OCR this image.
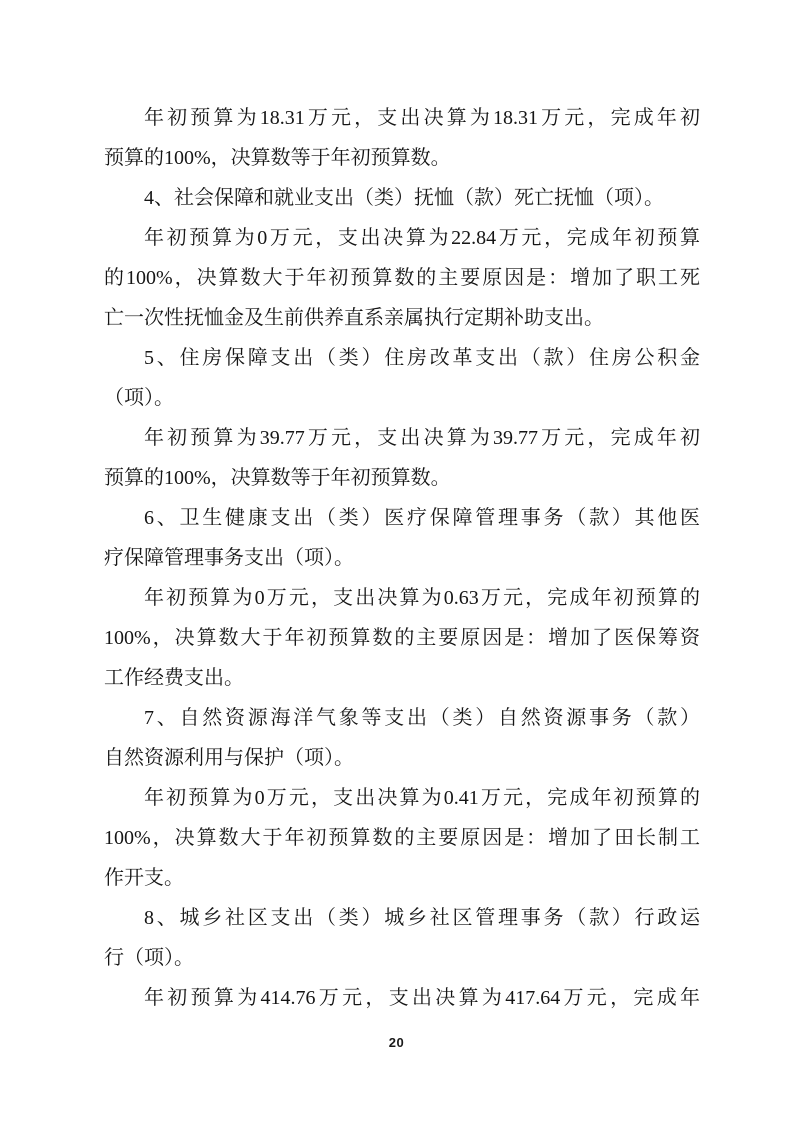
年初预算为18.31万元，支出决算为18.31万元，完成年初
预算的100%，决算数等于年初预算数。
4、社会保障和就业支出（类）抚恤（款）死亡抚恤（项）。
年初预算为0万元，支出决算为22.84万元，完成年初预算
的100%，决算数大于年初预算数的主要原因是：增加了职工死
亡一次性抚恤金及生前供养直系亲属执行定期补助支出。
5、住房保障支出（类）住房改革支出（款）住房公积金
（项）。
年初预算为39.77万元，支出决算为39.77万元，完成年初
预算的100%，决算数等于年初预算数。
6、卫生健康支出（类）医疗保障管理事务（款）其他医
疗保障管理事务支出（项）。
年初预算为0万元，支出决算为0.63万元，完成年初预算的
100%，决算数大于年初预算数的主要原因是：增加了医保筹资
工作经费支出。
7、自然资源海洋气象等支出（类）自然资源事务（款）
自然资源利用与保护（项）。
年初预算为0万元，支出决算为0.41万元，完成年初预算的
100%，决算数大于年初预算数的主要原因是：增加了田长制工
作开支。
8、城乡社区支出（类）城乡社区管理事务（款）行政运
行（项）。
年初预算为414.76万元，支出决算为417.64万元，完成年
20
